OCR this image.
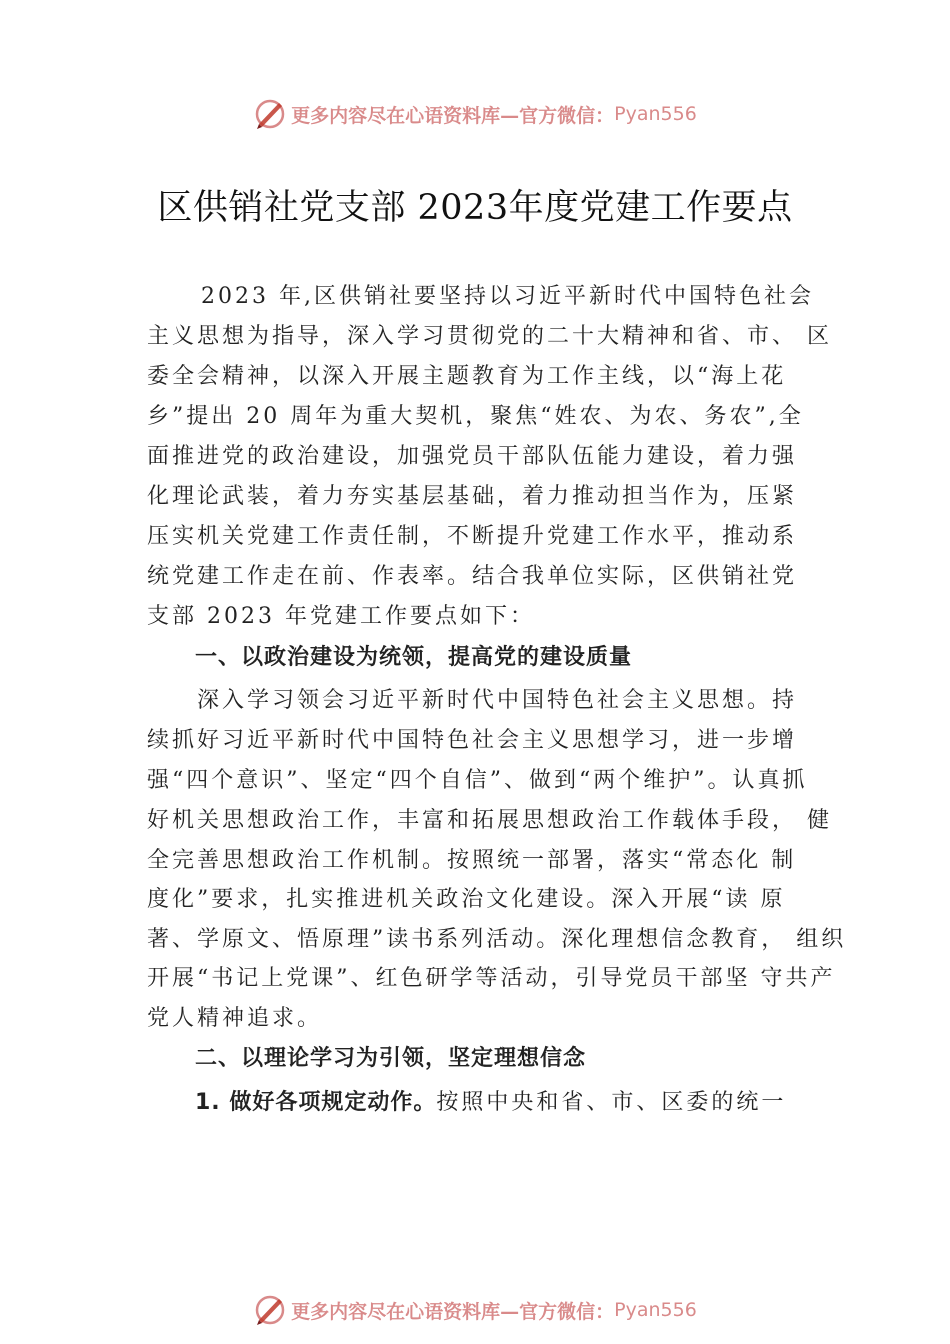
更多内容尽在心语资料库—官方微信： Pyan556
区供销社党支部 2023年度党建工作要点
2023 年,区供销社要坚持以习近平新时代中国特色社会
主义思想为指导，深入学习贯彻党的二十大精神和省、市、 区
委全会精神，以深入开展主题教育为工作主线，以“海上花
乡”提出 20 周年为重大契机，聚焦“姓农、为农、务农”,全
面推进党的政治建设，加强党员干部队伍能力建设，着力强
化理论武装，着力夯实基层基础，着力推动担当作为，压紧
压实机关党建工作责任制，不断提升党建工作水平，推动系
统党建工作走在前、作表率。结合我单位实际，区供销社党
支部 2023 年党建工作要点如下：
一、以政治建设为统领，提高党的建设质量
深入学习领会习近平新时代中国特色社会主义思想。持
续抓好习近平新时代中国特色社会主义思想学习，进一步增
强“四个意识”、坚定“四个自信”、做到“两个维护”。认真抓
好机关思想政治工作，丰富和拓展思想政治工作载体手段， 健
全完善思想政治工作机制。按照统一部署，落实“常态化 制
度化”要求，扎实推进机关政治文化建设。深入开展“读 原
著、学原文、悟原理”读书系列活动。深化理想信念教育， 组织
开展“书记上党课”、红色研学等活动，引导党员干部坚 守共产
党人精神追求。
二、以理论学习为引领，坚定理想信念
1. 做好各项规定动作。按照中央和省、市、区委的统一
更多内容尽在心语资料库—官方微信： Pyan556
